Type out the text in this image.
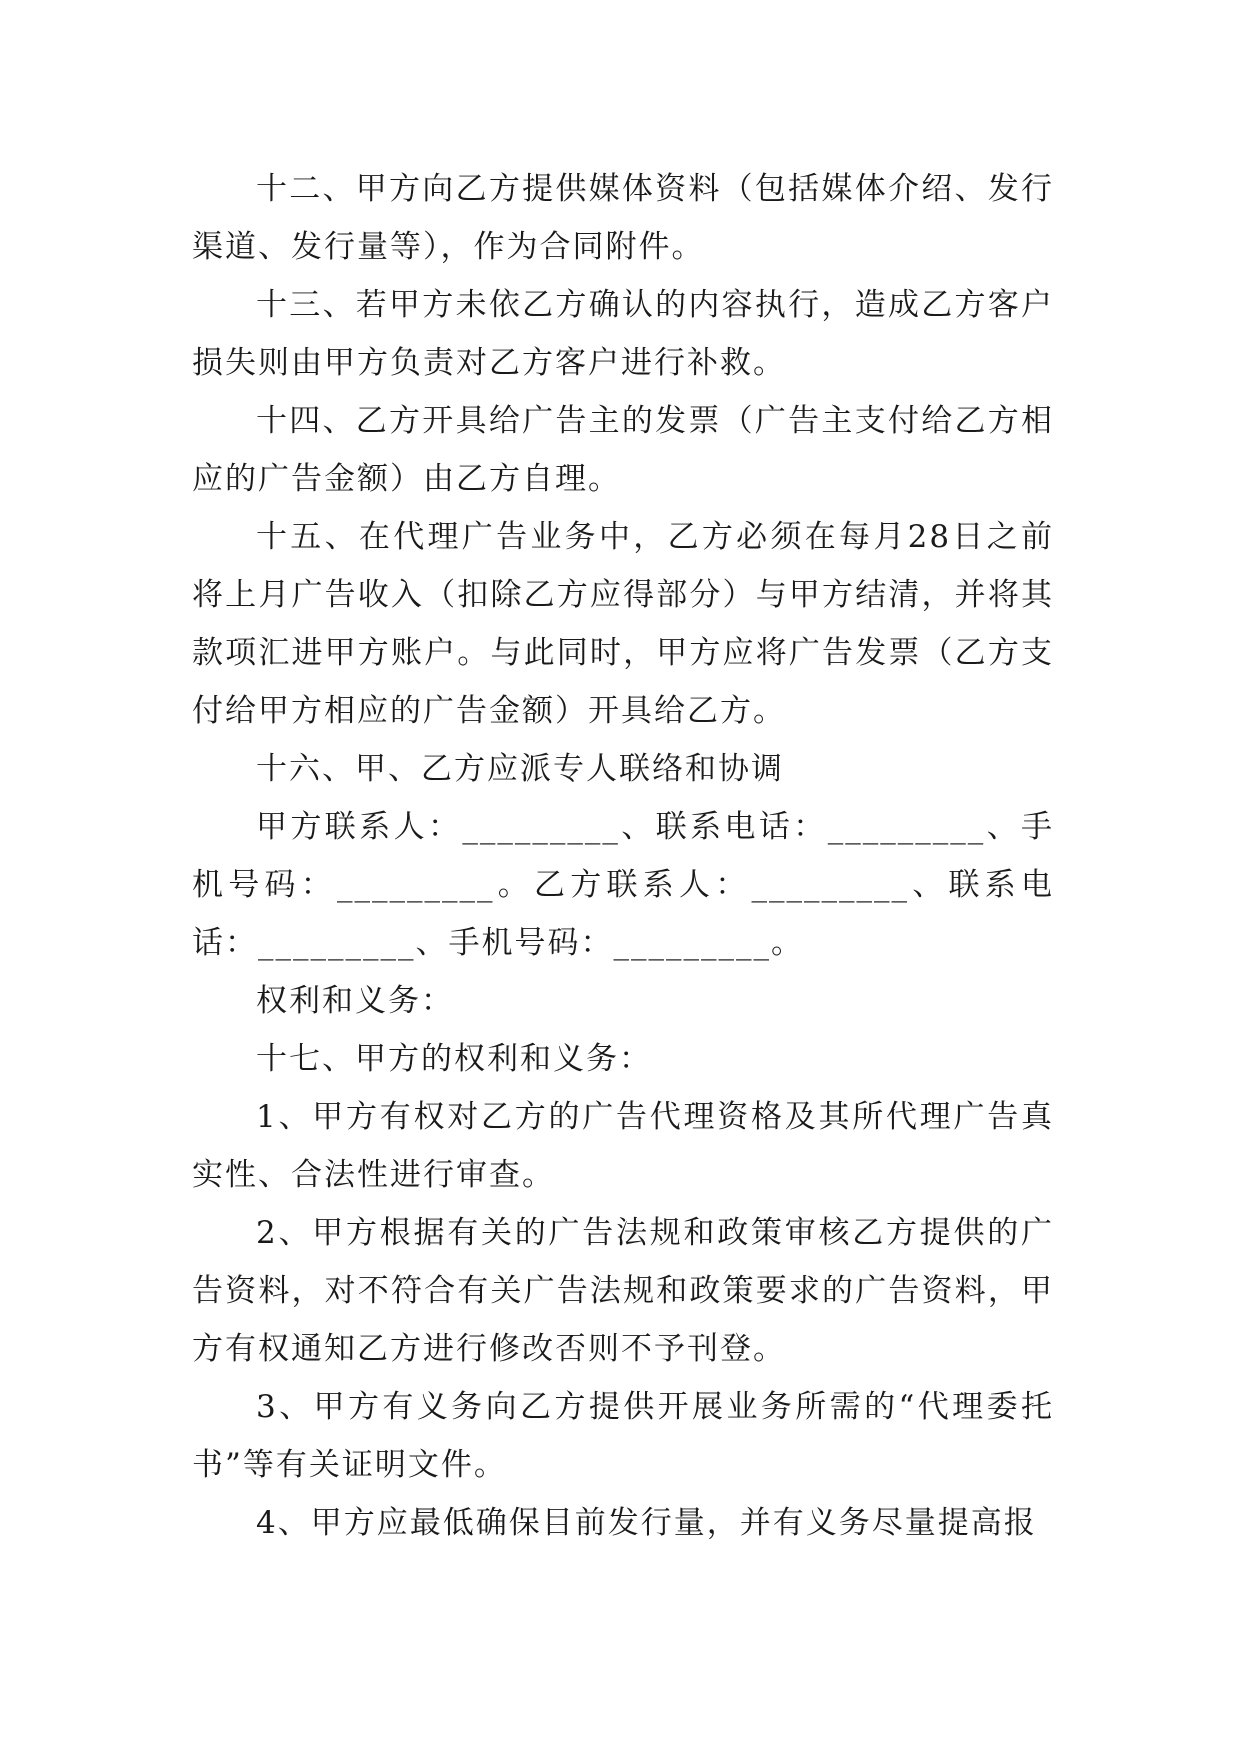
十二、甲方向乙方提供媒体资料（包括媒体介绍、发行渠道、发行量等），作为合同附件。

十三、若甲方未依乙方确认的内容执行，造成乙方客户损失则由甲方负责对乙方客户进行补救。

十四、乙方开具给广告主的发票（广告主支付给乙方相应的广告金额）由乙方自理。

十五、在代理广告业务中，乙方必须在每月28日之前将上月广告收入（扣除乙方应得部分）与甲方结清，并将其款项汇进甲方账户。与此同时，甲方应将广告发票（乙方支付给甲方相应的广告金额）开具给乙方。

十六、甲、乙方应派专人联络和协调

甲方联系人：_________、联系电话：_________、手机号码：_________。乙方联系人：_________、联系电话：_________、手机号码：_________。

权利和义务：

十七、甲方的权利和义务：

1、甲方有权对乙方的广告代理资格及其所代理广告真实性、合法性进行审查。

2、甲方根据有关的广告法规和政策审核乙方提供的广告资料，对不符合有关广告法规和政策要求的广告资料，甲方有权通知乙方进行修改否则不予刊登。

3、甲方有义务向乙方提供开展业务所需的“代理委托书”等有关证明文件。

4、甲方应最低确保目前发行量，并有义务尽量提高报
